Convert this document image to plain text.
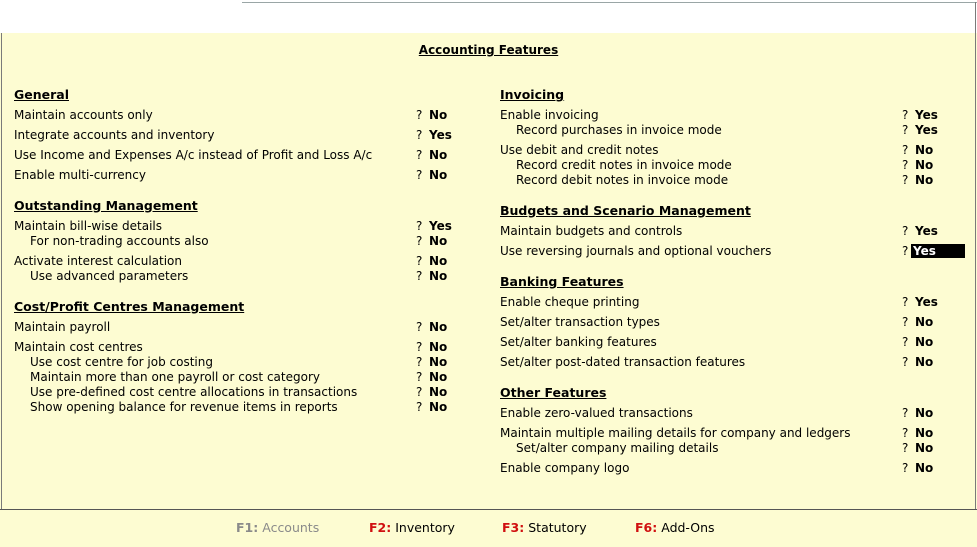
Accounting Features
General
Maintain accounts only	? No
Integrate accounts and inventory	? Yes
Use Income and Expenses A/c instead of Profit and Loss A/c	? No
Enable multi-currency	? No
Outstanding Management
Maintain bill-wise details	? Yes
For non-trading accounts also	? No
Activate interest calculation	? No
Use advanced parameters	? No
Cost/Profit Centres Management
Maintain payroll	? No
Maintain cost centres	? No
Use cost centre for job costing	? No
Maintain more than one payroll or cost category	? No
Use pre-defined cost centre allocations in transactions	? No
Show opening balance for revenue items in reports	? No
Invoicing
Enable invoicing	? Yes
Record purchases in invoice mode	? Yes
Use debit and credit notes	? No
Record credit notes in invoice mode	? No
Record debit notes in invoice mode	? No
Budgets and Scenario Management
Maintain budgets and controls	? Yes
Use reversing journals and optional vouchers	? Yes
Banking Features
Enable cheque printing	? Yes
Set/alter transaction types	? No
Set/alter banking features	? No
Set/alter post-dated transaction features	? No
Other Features
Enable zero-valued transactions	? No
Maintain multiple mailing details for company and ledgers	? No
Set/alter company mailing details	? No
Enable company logo	? No
F1: Accounts	F2: Inventory	F3: Statutory	F6: Add-Ons
